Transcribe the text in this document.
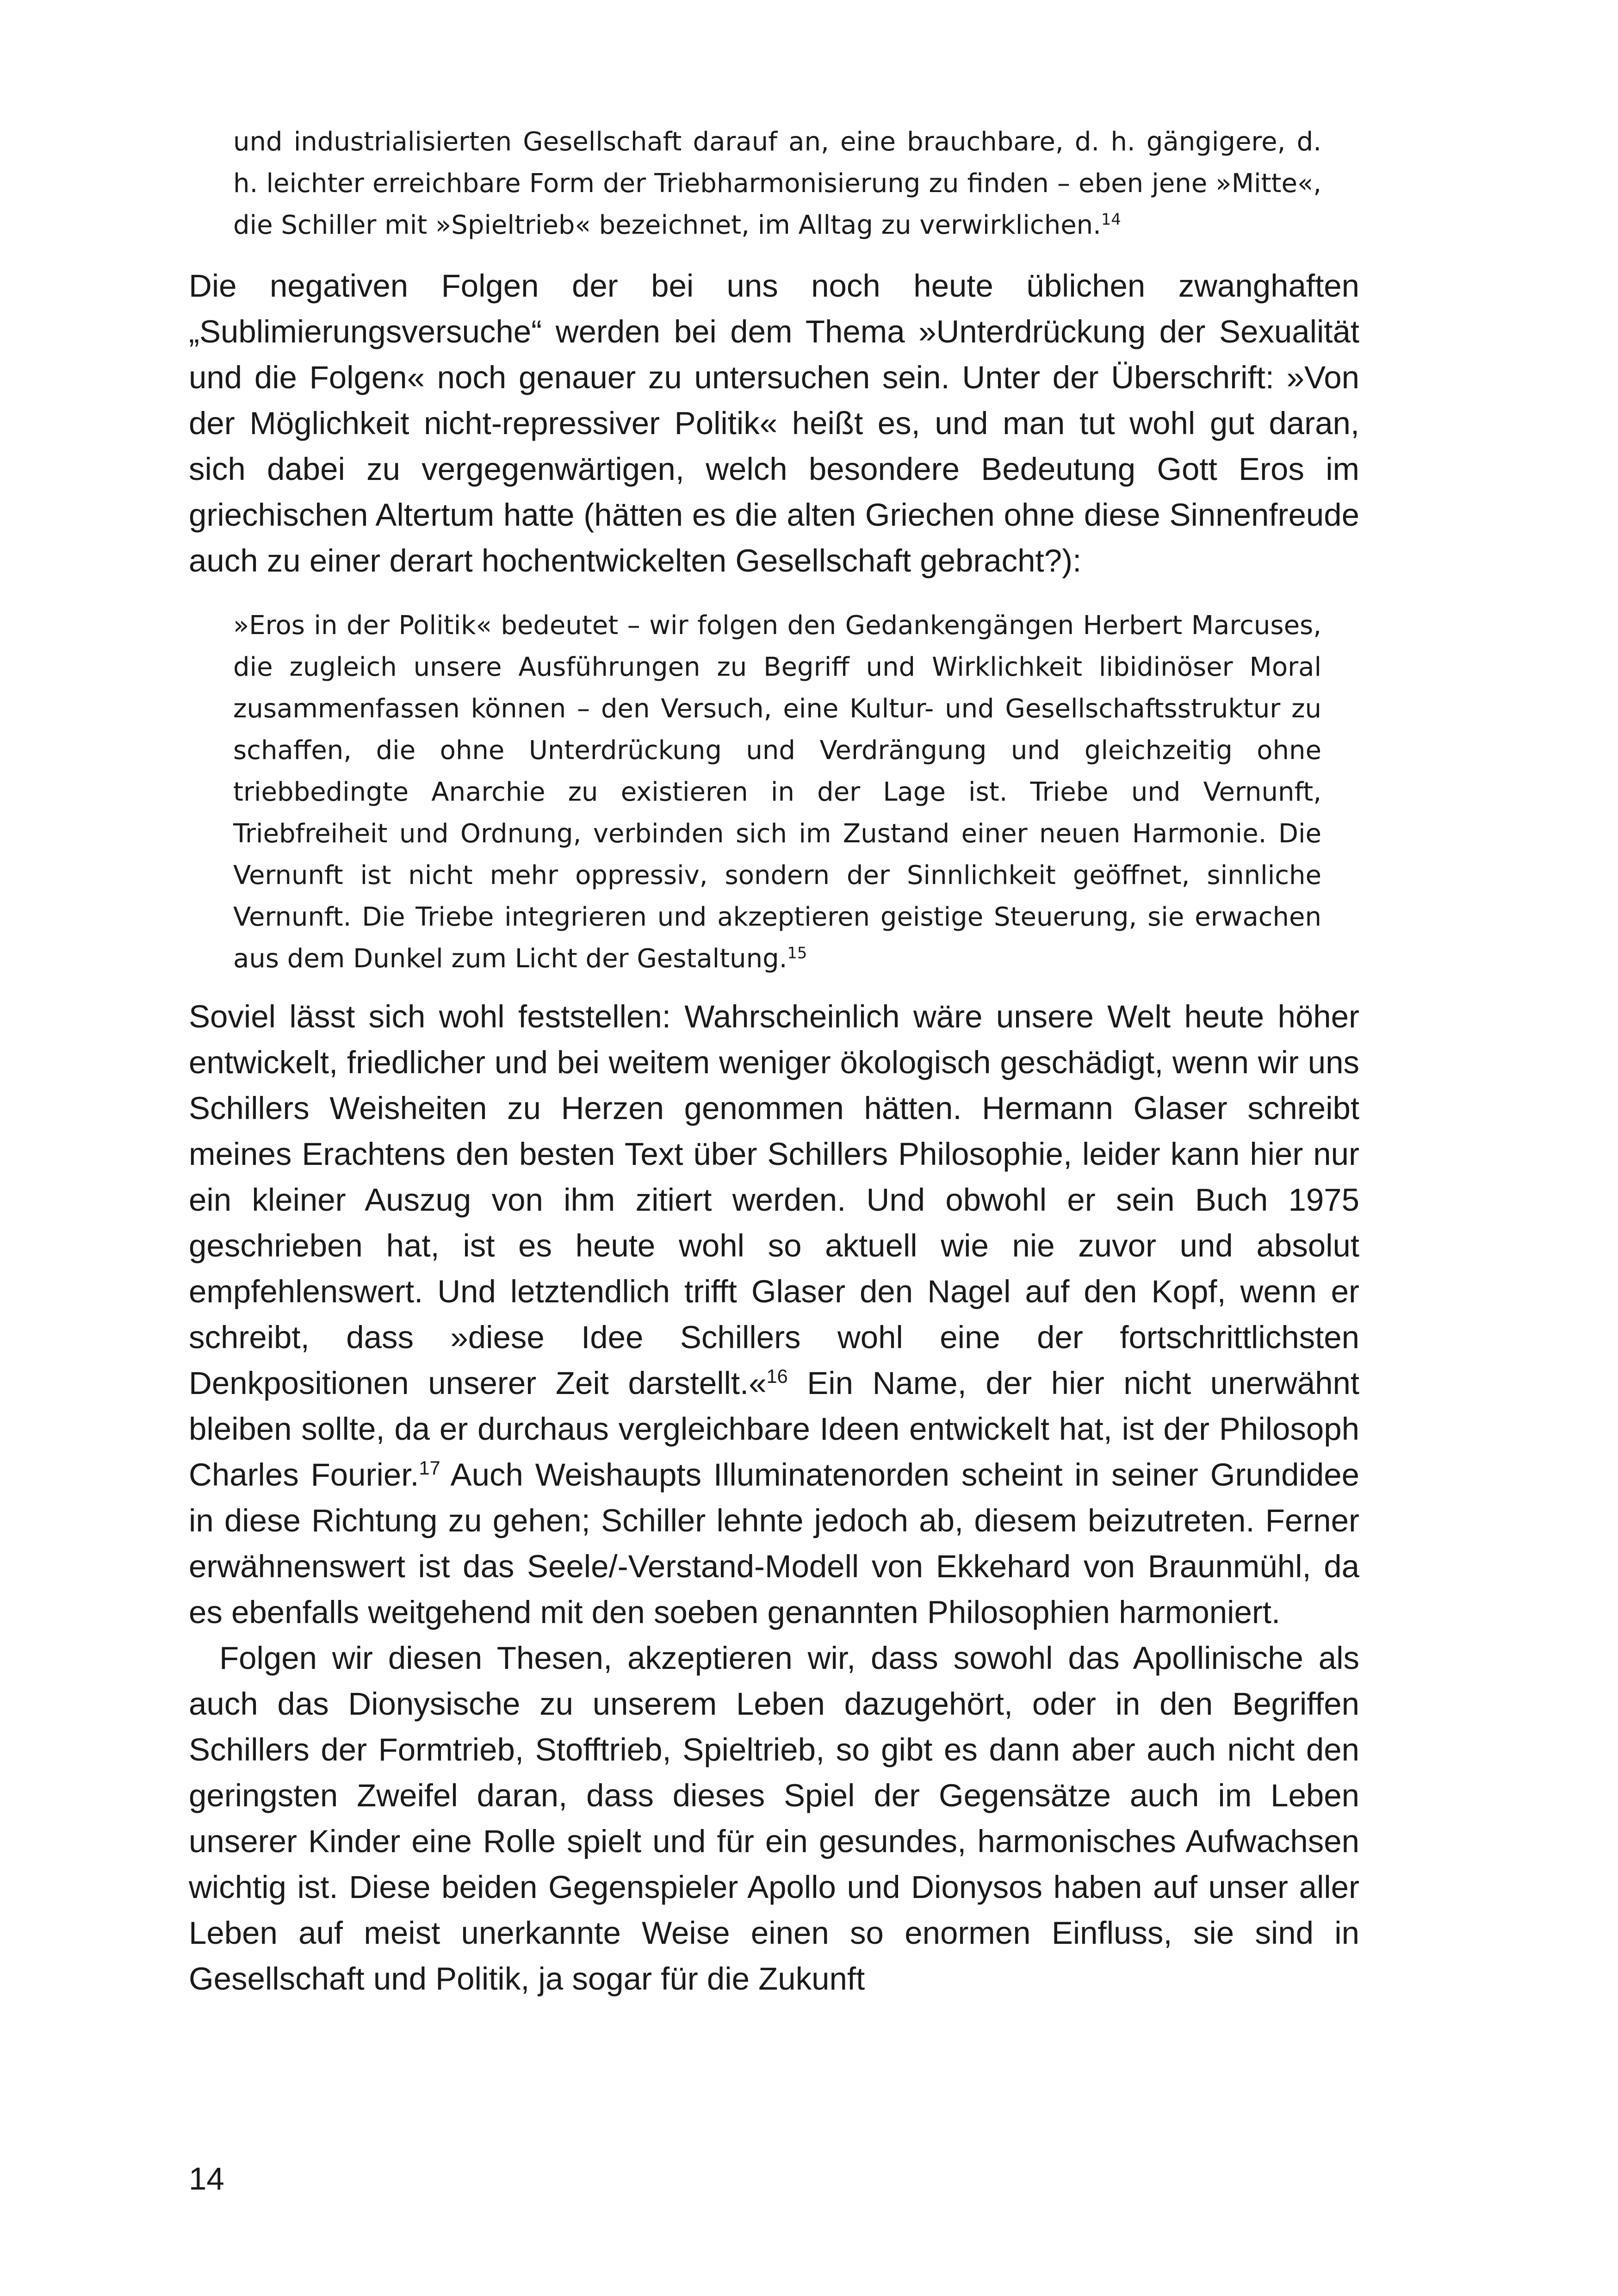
und industrialisierten Gesellschaft darauf an, eine brauchbare, d. h. gängigere, d. h. leichter erreichbare Form der Triebharmonisierung zu finden – eben jene »Mitte«, die Schiller mit »Spieltrieb« bezeichnet, im Alltag zu verwirklichen.$^{14}$

Die negativen Folgen der bei uns noch heute üblichen zwanghaften „Sublimierungsversuche“ werden bei dem Thema »Unterdrückung der Sexualität und die Folgen« noch genauer zu untersuchen sein. Unter der Überschrift: »Von der Möglichkeit nicht-repressiver Politik« heißt es, und man tut wohl gut daran, sich dabei zu vergegenwärtigen, welch besondere Bedeutung Gott Eros im griechischen Altertum hatte (hätten es die alten Griechen ohne diese Sinnenfreude auch zu einer derart hochentwickelten Gesellschaft gebracht?):

»Eros in der Politik« bedeutet – wir folgen den Gedankengängen Herbert Marcuses, die zugleich unsere Ausführungen zu Begriff und Wirklichkeit libidinöser Moral zusammenfassen können – den Versuch, eine Kultur- und Gesellschaftsstruktur zu schaffen, die ohne Unterdrückung und Verdrängung und gleichzeitig ohne triebbedingte Anarchie zu existieren in der Lage ist. Triebe und Vernunft, Triebfreiheit und Ordnung, verbinden sich im Zustand einer neuen Harmonie. Die Vernunft ist nicht mehr oppressiv, sondern der Sinnlichkeit geöffnet, sinnliche Vernunft. Die Triebe integrieren und akzeptieren geistige Steuerung, sie erwachen aus dem Dunkel zum Licht der Gestaltung.$^{15}$

Soviel lässt sich wohl feststellen: Wahrscheinlich wäre unsere Welt heute höher entwickelt, friedlicher und bei weitem weniger ökologisch geschädigt, wenn wir uns Schillers Weisheiten zu Herzen genommen hätten. Hermann Glaser schreibt meines Erachtens den besten Text über Schillers Philosophie, leider kann hier nur ein kleiner Auszug von ihm zitiert werden. Und obwohl er sein Buch 1975 geschrieben hat, ist es heute wohl so aktuell wie nie zuvor und absolut empfehlenswert. Und letztendlich trifft Glaser den Nagel auf den Kopf, wenn er schreibt, dass »diese Idee Schillers wohl eine der fortschrittlichsten Denkpositionen unserer Zeit darstellt.«$^{16}$ Ein Name, der hier nicht unerwähnt bleiben sollte, da er durchaus vergleichbare Ideen entwickelt hat, ist der Philosoph Charles Fourier.$^{17}$ Auch Weishaupts Illuminatenorden scheint in seiner Grundidee in diese Richtung zu gehen; Schiller lehnte jedoch ab, diesem beizutreten. Ferner erwähnenswert ist das Seele/-Verstand-Modell von Ekkehard von Braunmühl, da es ebenfalls weitgehend mit den soeben genannten Philosophien harmoniert.

Folgen wir diesen Thesen, akzeptieren wir, dass sowohl das Apollinische als auch das Dionysische zu unserem Leben dazugehört, oder in den Begriffen Schillers der Formtrieb, Stofftrieb, Spieltrieb, so gibt es dann aber auch nicht den geringsten Zweifel daran, dass dieses Spiel der Gegensätze auch im Leben unserer Kinder eine Rolle spielt und für ein gesundes, harmonisches Aufwachsen wichtig ist. Diese beiden Gegenspieler Apollo und Dionysos haben auf unser aller Leben auf meist unerkannte Weise einen so enormen Einfluss, sie sind in Gesellschaft und Politik, ja sogar für die Zukunft

14
